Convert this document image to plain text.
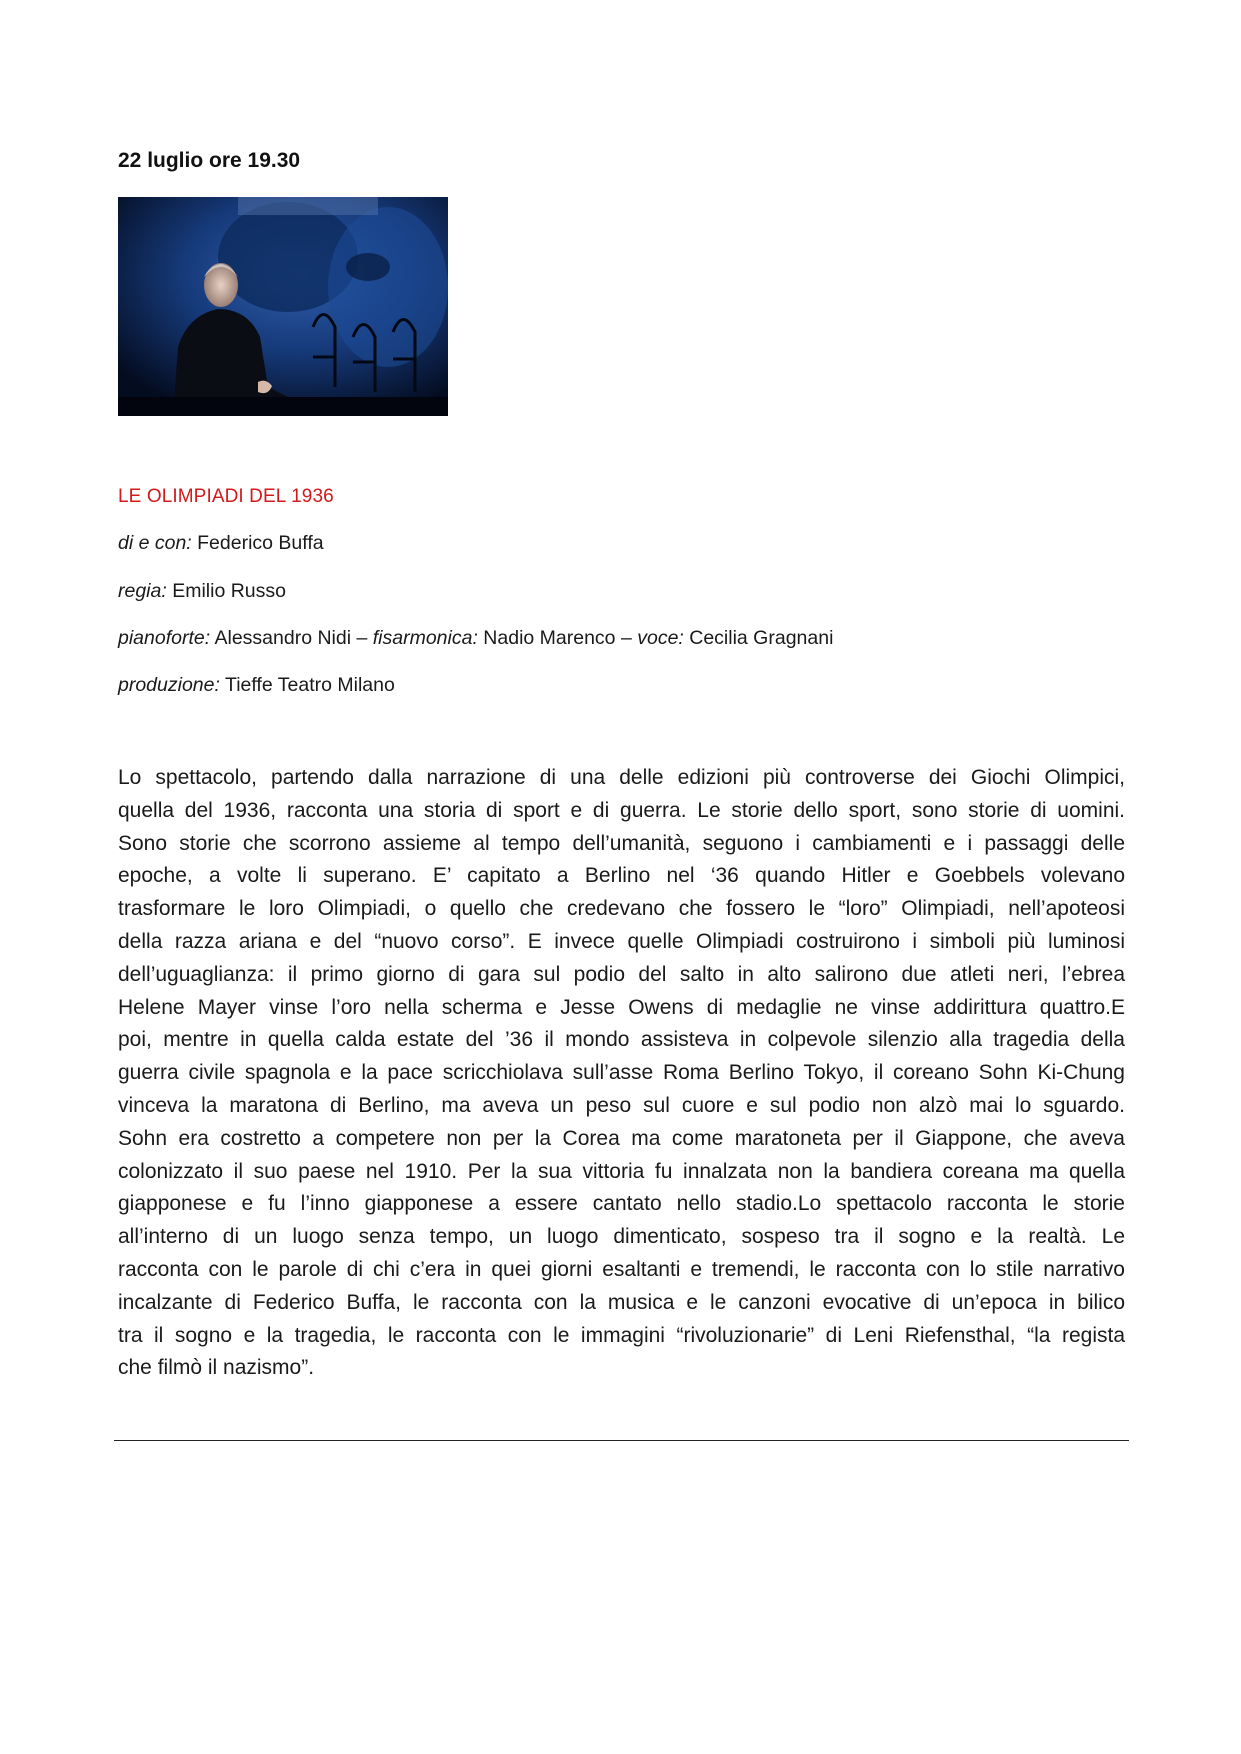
22 luglio ore 19.30
LE OLIMPIADI DEL 1936
di e con: Federico Buffa
regia: Emilio Russo
pianoforte: Alessandro Nidi – fisarmonica: Nadio Marenco – voce: Cecilia Gragnani
produzione: Tieffe Teatro Milano
Lo spettacolo, partendo dalla narrazione di una delle edizioni più controverse dei Giochi Olimpici,
quella del 1936, racconta una storia di sport e di guerra. Le storie dello sport, sono storie di uomini.
Sono storie che scorrono assieme al tempo dell’umanità, seguono i cambiamenti e i passaggi delle
epoche, a volte li superano. E’ capitato a Berlino nel ‘36 quando Hitler e Goebbels volevano
trasformare le loro Olimpiadi, o quello che credevano che fossero le “loro” Olimpiadi, nell’apoteosi
della razza ariana e del “nuovo corso”. E invece quelle Olimpiadi costruirono i simboli più luminosi
dell’uguaglianza: il primo giorno di gara sul podio del salto in alto salirono due atleti neri, l’ebrea
Helene Mayer vinse l’oro nella scherma e Jesse Owens di medaglie ne vinse addirittura quattro.E
poi, mentre in quella calda estate del ’36 il mondo assisteva in colpevole silenzio alla tragedia della
guerra civile spagnola e la pace scricchiolava sull’asse Roma Berlino Tokyo, il coreano Sohn Ki-Chung
vinceva la maratona di Berlino, ma aveva un peso sul cuore e sul podio non alzò mai lo sguardo.
Sohn era costretto a competere non per la Corea ma come maratoneta per il Giappone, che aveva
colonizzato il suo paese nel 1910. Per la sua vittoria fu innalzata non la bandiera coreana ma quella
giapponese e fu l’inno giapponese a essere cantato nello stadio.Lo spettacolo racconta le storie
all’interno di un luogo senza tempo, un luogo dimenticato, sospeso tra il sogno e la realtà. Le
racconta con le parole di chi c’era in quei giorni esaltanti e tremendi, le racconta con lo stile narrativo
incalzante di Federico Buffa, le racconta con la musica e le canzoni evocative di un’epoca in bilico
tra il sogno e la tragedia, le racconta con le immagini “rivoluzionarie” di Leni Riefensthal, “la regista
che filmò il nazismo”.
